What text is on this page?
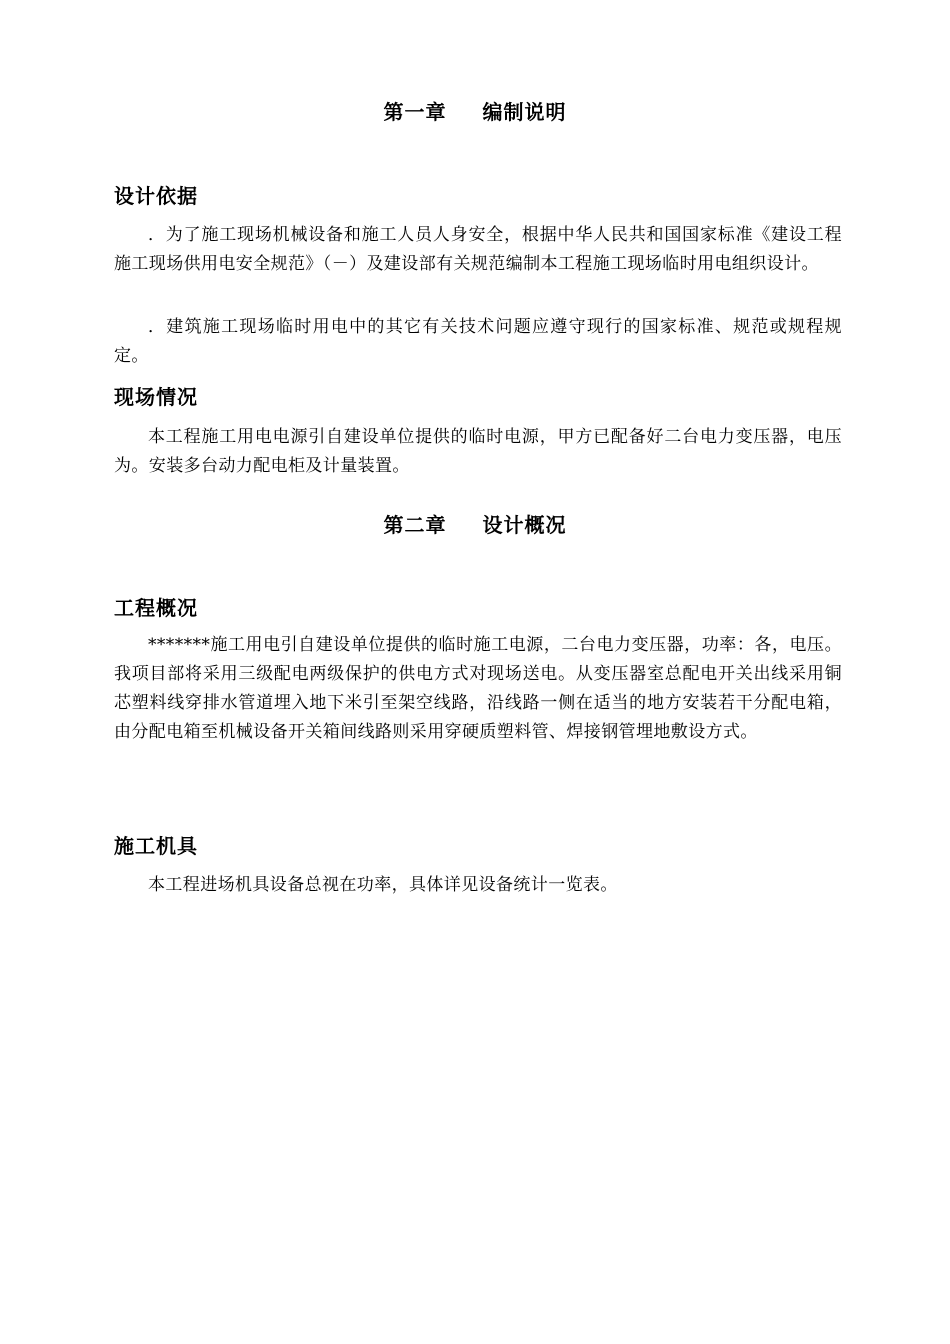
第一章 编制说明
设计依据
．为了施工现场机械设备和施工人员人身安全，根据中华人民共和国国家标准《建设工程施工现场供用电安全规范》（－）及建设部有关规范编制本工程施工现场临时用电组织设计。
．建筑施工现场临时用电中的其它有关技术问题应遵守现行的国家标准、规范或规程规定。
现场情况
本工程施工用电电源引自建设单位提供的临时电源，甲方已配备好二台电力变压器，电压为。安装多台动力配电柜及计量装置。
第二章 设计概况
工程概况
*******施工用电引自建设单位提供的临时施工电源，二台电力变压器，功率：各，电压。我项目部将采用三级配电两级保护的供电方式对现场送电。从变压器室总配电开关出线采用铜芯塑料线穿排水管道埋入地下米引至架空线路，沿线路一侧在适当的地方安装若干分配电箱，由分配电箱至机械设备开关箱间线路则采用穿硬质塑料管、焊接钢管埋地敷设方式。
施工机具
本工程进场机具设备总视在功率，具体详见设备统计一览表。
